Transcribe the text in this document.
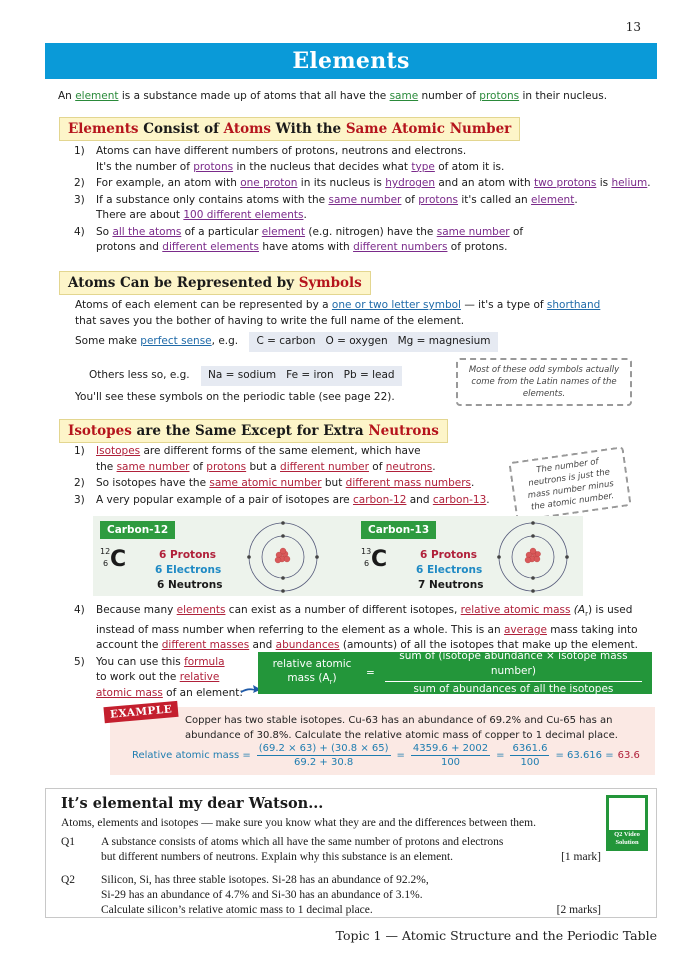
13
Elements
An element is a substance made up of atoms that all have the same number of protons in their nucleus.
Elements Consist of Atoms With the Same Atomic Number
1)	Atoms can have different numbers of protons, neutrons and electrons.
It's the number of protons in the nucleus that decides what type of atom it is.
2)	For example, an atom with one proton in its nucleus is hydrogen and an atom with two protons is helium.
3)	If a substance only contains atoms with the same number of protons it's called an element.
There are about 100 different elements.
4)	So all the atoms of a particular element (e.g. nitrogen) have the same number of
protons and different elements have atoms with different numbers of protons.
Atoms Can be Represented by Symbols
Atoms of each element can be represented by a one or two letter symbol — it's a type of shorthand
that saves you the bother of having to write the full name of the element.
Some make perfect sense, e.g. C = carbon O = oxygen Mg = magnesium
Others less so, e.g. Na = sodium Fe = iron Pb = lead
You'll see these symbols on the periodic table (see page 22).
Most of these odd symbols actually come from the Latin names of the elements.
Isotopes are the Same Except for Extra Neutrons
1)	Isotopes are different forms of the same element, which have
the same number of protons but a different number of neutrons.
2)	So isotopes have the same atomic number but different mass numbers.
3)	A very popular example of a pair of isotopes are carbon-12 and carbon-13.
The number of neutrons is just the mass number minus the atomic number.
Carbon-12
12
6 C	6 Protons
6 Electrons
6 Neutrons
Carbon-13
13
6 C	6 Protons
6 Electrons
7 Neutrons
4)	Because many elements can exist as a number of different isotopes, relative atomic mass $(A_r)$ is used
instead of mass number when referring to the element as a whole. This is an average mass taking into
account the different masses and abundances (amounts) of all the isotopes that make up the element.
5)	You can use this formula
to work out the relative
atomic mass of an element:
relative atomic
mass $(A_r)$	= $\frac{\text{sum of (isotope abundance × isotope mass number)}}{\text{sum of abundances of all the isotopes}}$
EXAMPLE	Copper has two stable isotopes. Cu-63 has an abundance of 69.2% and Cu-65 has an abundance of 30.8%. Calculate the relative atomic mass of copper to 1 decimal place.
Relative atomic mass = $\frac{(69.2 \times 63) + (30.8 \times 65)}{69.2 + 30.8} = \frac{4359.6 + 2002}{100} = \frac{6361.6}{100} = 63.616 = 63.6$
It’s elemental my dear Watson...
Atoms, elements and isotopes — make sure you know what they are and the differences between them.
Q1	A substance consists of atoms which all have the same number of protons and electrons
but different numbers of neutrons. Explain why this substance is an element.	[1 mark]
Q2	Silicon, Si, has three stable isotopes. Si-28 has an abundance of 92.2%,
Si-29 has an abundance of 4.7% and Si-30 has an abundance of 3.1%.
Calculate silicon’s relative atomic mass to 1 decimal place.	[2 marks]
Q2 Video Solution
Topic 1 — Atomic Structure and the Periodic Table
